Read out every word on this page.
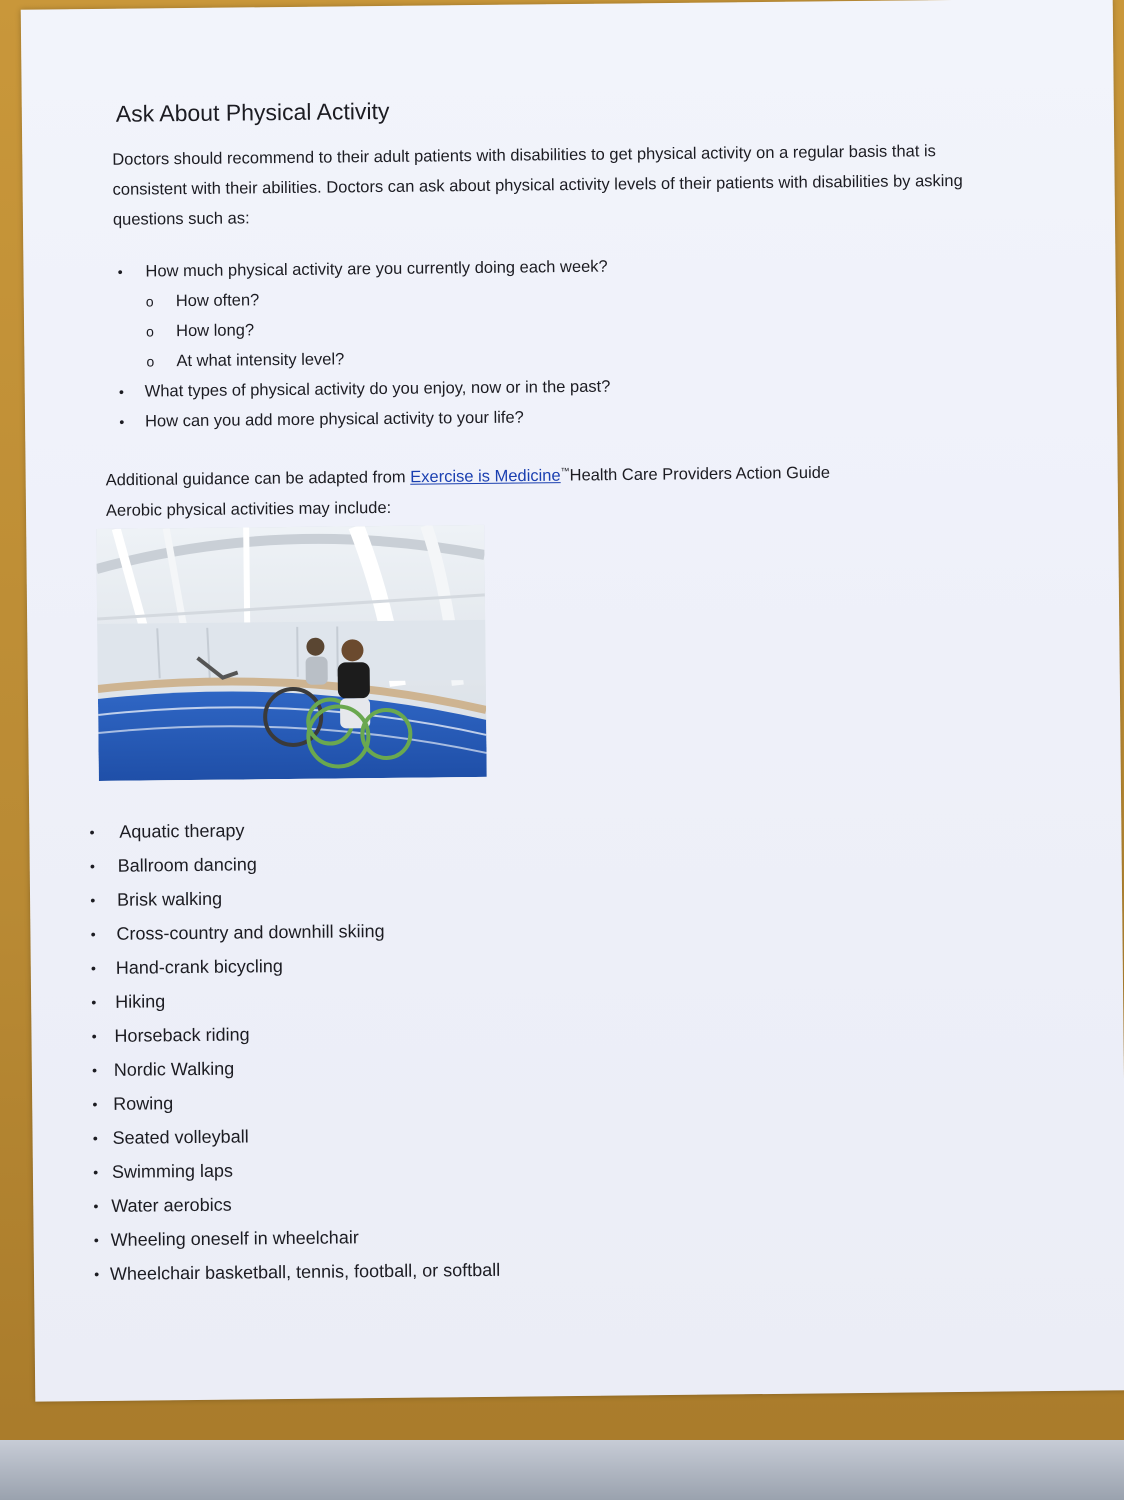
Ask About Physical Activity
Doctors should recommend to their adult patients with disabilities to get physical activity on a regular basis that is consistent with their abilities. Doctors can ask about physical activity levels of their patients with disabilities by asking questions such as:
● How much physical activity are you currently doing each week?
o How often?
o How long?
o At what intensity level?
● What types of physical activity do you enjoy, now or in the past?
● How can you add more physical activity to your life?
Additional guidance can be adapted from Exercise is Medicine™Health Care Providers Action Guide
Aerobic physical activities may include:
● Aquatic therapy
● Ballroom dancing
● Brisk walking
● Cross-country and downhill skiing
● Hand-crank bicycling
● Hiking
● Horseback riding
● Nordic Walking
● Rowing
● Seated volleyball
● Swimming laps
● Water aerobics
● Wheeling oneself in wheelchair
● Wheelchair basketball, tennis, football, or softball
